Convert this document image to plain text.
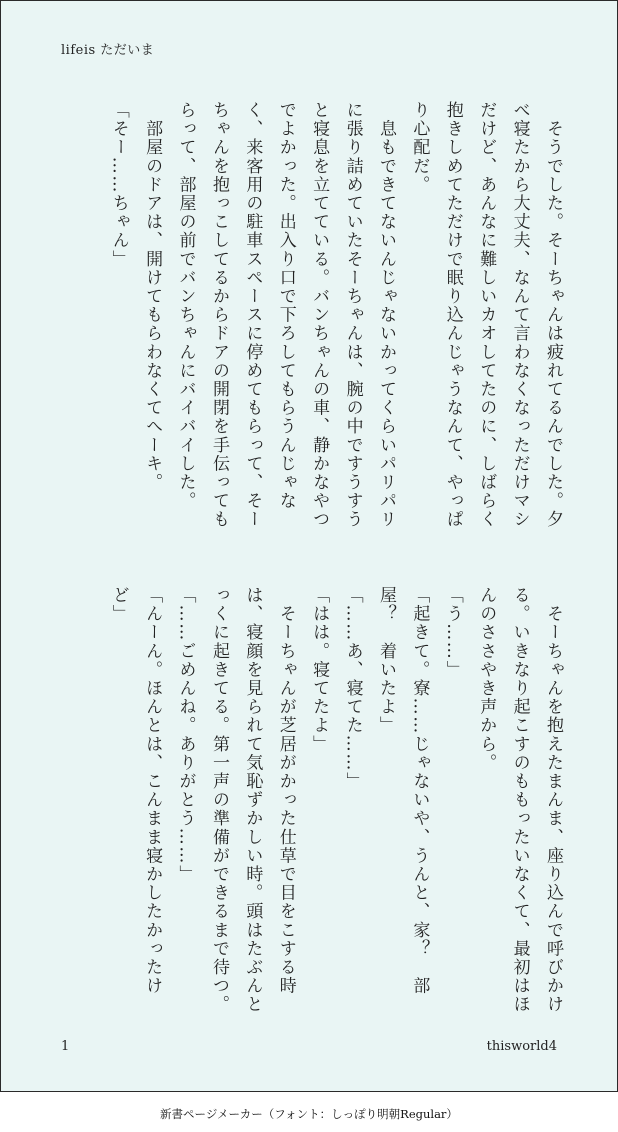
lifeis ただいま

　そうでした。そーちゃんは疲れてるんでした。夕べ寝たから大丈夫、なんて言わなくなっただけマシだけど、あんなに難しいカオしてたのに、しばらく抱きしめてただけで眠り込んじゃうなんて、やっぱり心配だ。

　息もできてないんじゃないかってくらいパリパリに張り詰めていたそーちゃんは、腕の中ですうすうと寝息を立てている。バンちゃんの車、静かなやつでよかった。出入り口で下ろしてもらうんじゃなく、来客用の駐車スペースに停めてもらって、そーちゃんを抱っこしてるからドアの開閉を手伝ってもらって、部屋の前でバンちゃんにバイバイした。

　部屋のドアは、開けてもらわなくてへーキ。

「そー……ちゃん」

　そーちゃんを抱えたまんま、座り込んで呼びかける。いきなり起こすのももったいなくて、最初はほんのささやき声から。

「う……」

「起きて。寮……じゃないや、うんと、家？　部屋？　着いたよ」

「……あ、寝てた……」

「はは。寝てたよ」

　そーちゃんが芝居がかった仕草で目をこする時は、寝顔を見られて気恥ずかしい時。頭はたぶんとっくに起きてる。第一声の準備ができるまで待つ。

「……ごめんね。ありがとう……」

「んーん。ほんとは、こんまま寝かしたかったけど」

1	thisworld4
新書ページメーカー（フォント：しっぽり明朝Regular）
